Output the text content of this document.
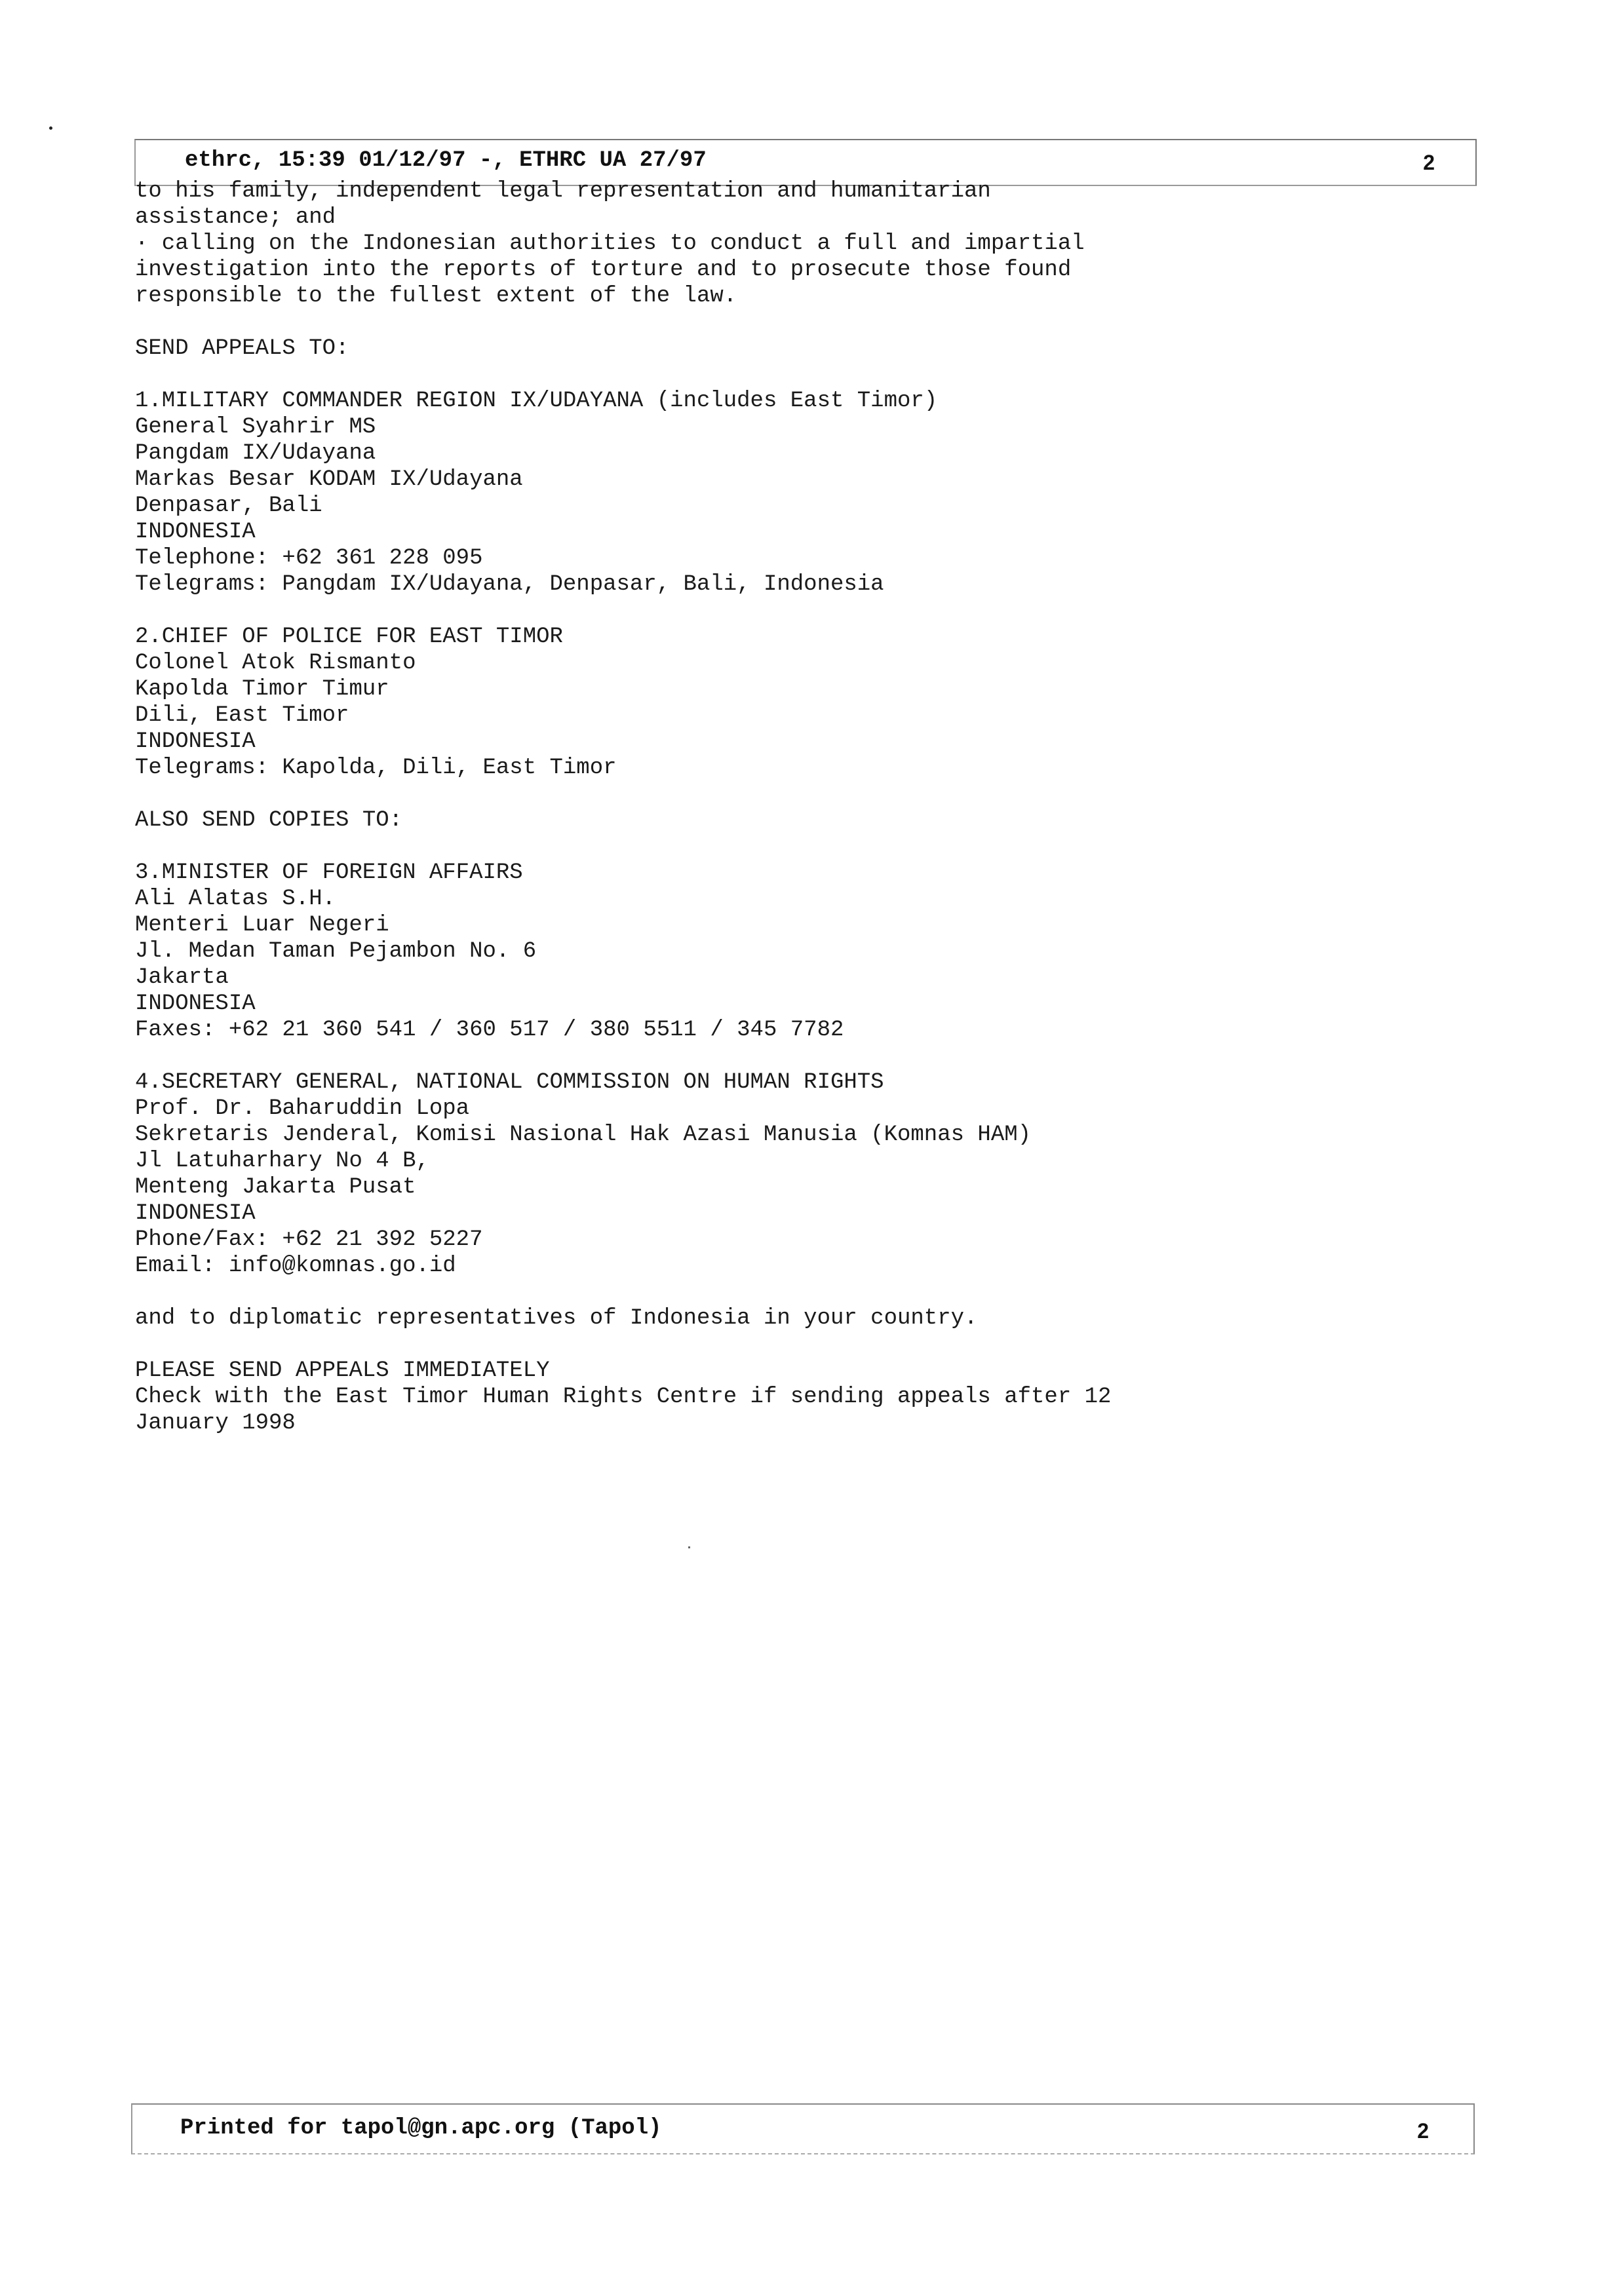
ethrc, 15:39 01/12/97 -, ETHRC UA 27/97	2
to his family, independent legal representation and humanitarian
assistance; and
· calling on the Indonesian authorities to conduct a full and impartial
investigation into the reports of torture and to prosecute those found
responsible to the fullest extent of the law.
SEND APPEALS TO:
1.MILITARY COMMANDER REGION IX/UDAYANA (includes East Timor)
General Syahrir MS
Pangdam IX/Udayana
Markas Besar KODAM IX/Udayana
Denpasar, Bali
INDONESIA
Telephone: +62 361 228 095
Telegrams: Pangdam IX/Udayana, Denpasar, Bali, Indonesia
2.CHIEF OF POLICE FOR EAST TIMOR
Colonel Atok Rismanto
Kapolda Timor Timur
Dili, East Timor
INDONESIA
Telegrams: Kapolda, Dili, East Timor
ALSO SEND COPIES TO:
3.MINISTER OF FOREIGN AFFAIRS
Ali Alatas S.H.
Menteri Luar Negeri
Jl. Medan Taman Pejambon No. 6
Jakarta
INDONESIA
Faxes: +62 21 360 541 / 360 517 / 380 5511 / 345 7782
4.SECRETARY GENERAL, NATIONAL COMMISSION ON HUMAN RIGHTS
Prof. Dr. Baharuddin Lopa
Sekretaris Jenderal, Komisi Nasional Hak Azasi Manusia (Komnas HAM)
Jl Latuharhary No 4 B,
Menteng Jakarta Pusat
INDONESIA
Phone/Fax: +62 21 392 5227
Email: info@komnas.go.id
and to diplomatic representatives of Indonesia in your country.
PLEASE SEND APPEALS IMMEDIATELY
Check with the East Timor Human Rights Centre if sending appeals after 12
January 1998
Printed for tapol@gn.apc.org (Tapol)	2
